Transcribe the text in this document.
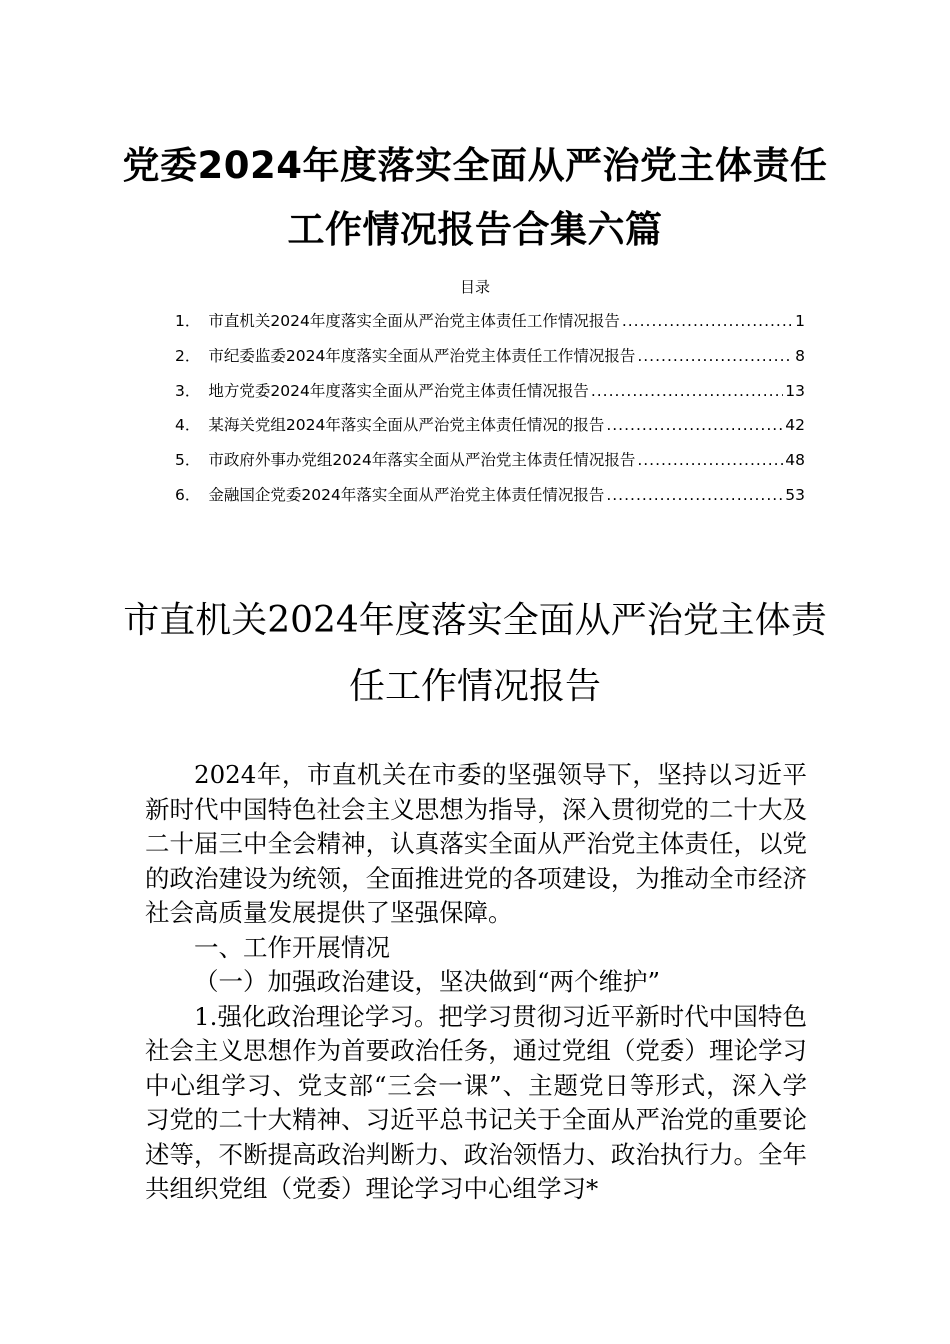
党委2024年度落实全面从严治党主体责任工作情况报告合集六篇
目录
1． 市直机关2024年度落实全面从严治党主体责任工作情况报告 .....	1
2． 市纪委监委2024年度落实全面从严治党主体责任工作情况报告 .....	8
3． 地方党委2024年度落实全面从严治党主体责任情况报告 .....	13
4． 某海关党组2024年落实全面从严治党主体责任情况的报告 .....	42
5． 市政府外事办党组2024年落实全面从严治党主体责任情况报告 .....	48
6． 金融国企党委2024年落实全面从严治党主体责任情况报告 .....	53
市直机关2024年度落实全面从严治党主体责任工作情况报告

2024年，市直机关在市委的坚强领导下，坚持以习近平新时代中国特色社会主义思想为指导，深入贯彻党的二十大及二十届三中全会精神，认真落实全面从严治党主体责任，以党的政治建设为统领，全面推进党的各项建设，为推动全市经济社会高质量发展提供了坚强保障。

一、工作开展情况

（一）加强政治建设，坚决做到“两个维护”

1.强化政治理论学习。把学习贯彻习近平新时代中国特色社会主义思想作为首要政治任务，通过党组（党委）理论学习中心组学习、党支部“三会一课”、主题党日等形式，深入学习党的二十大精神、习近平总书记关于全面从严治党的重要论述等，不断提高政治判断力、政治领悟力、政治执行力。全年共组织党组（党委）理论学习中心组学习*
